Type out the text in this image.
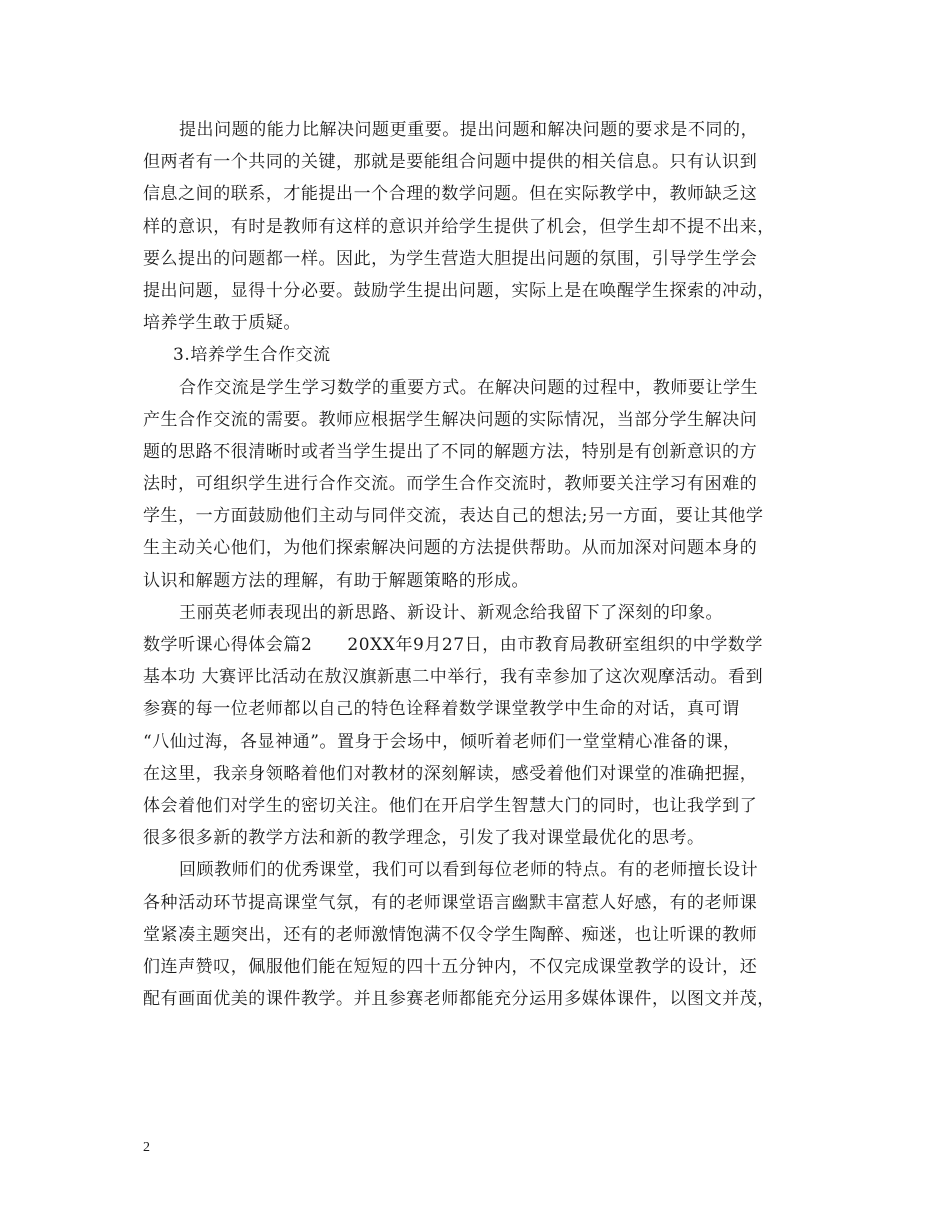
提出问题的能力比解决问题更重要。提出问题和解决问题的要求是不同的，
但两者有一个共同的关键，那就是要能组合问题中提供的相关信息。只有认识到
信息之间的联系，才能提出一个合理的数学问题。但在实际教学中，教师缺乏这
样的意识，有时是教师有这样的意识并给学生提供了机会，但学生却不提不出来，
要么提出的问题都一样。因此，为学生营造大胆提出问题的氛围，引导学生学会
提出问题，显得十分必要。鼓励学生提出问题，实际上是在唤醒学生探索的冲动，
培养学生敢于质疑。
3.培养学生合作交流
合作交流是学生学习数学的重要方式。在解决问题的过程中，教师要让学生
产生合作交流的需要。教师应根据学生解决问题的实际情况，当部分学生解决问
题的思路不很清晰时或者当学生提出了不同的解题方法，特别是有创新意识的方
法时，可组织学生进行合作交流。而学生合作交流时，教师要关注学习有困难的
学生，一方面鼓励他们主动与同伴交流，表达自己的想法;另一方面，要让其他学
生主动关心他们，为他们探索解决问题的方法提供帮助。从而加深对问题本身的
认识和解题方法的理解，有助于解题策略的形成。
王丽英老师表现出的新思路、新设计、新观念给我留下了深刻的印象。
数学听课心得体会篇2　　20XX年9月27日，由市教育局教研室组织的中学数学
基本功 大赛评比活动在敖汉旗新惠二中举行，我有幸参加了这次观摩活动。看到
参赛的每一位老师都以自己的特色诠释着数学课堂教学中生命的对话，真可谓
“八仙过海，各显神通”。置身于会场中，倾听着老师们一堂堂精心准备的课，
在这里，我亲身领略着他们对教材的深刻解读，感受着他们对课堂的准确把握，
体会着他们对学生的密切关注。他们在开启学生智慧大门的同时，也让我学到了
很多很多新的教学方法和新的教学理念，引发了我对课堂最优化的思考。
回顾教师们的优秀课堂，我们可以看到每位老师的特点。有的老师擅长设计
各种活动环节提高课堂气氛，有的老师课堂语言幽默丰富惹人好感，有的老师课
堂紧凑主题突出，还有的老师激情饱满不仅令学生陶醉、痴迷，也让听课的教师
们连声赞叹，佩服他们能在短短的四十五分钟内，不仅完成课堂教学的设计，还
配有画面优美的课件教学。并且参赛老师都能充分运用多媒体课件，以图文并茂，
2
